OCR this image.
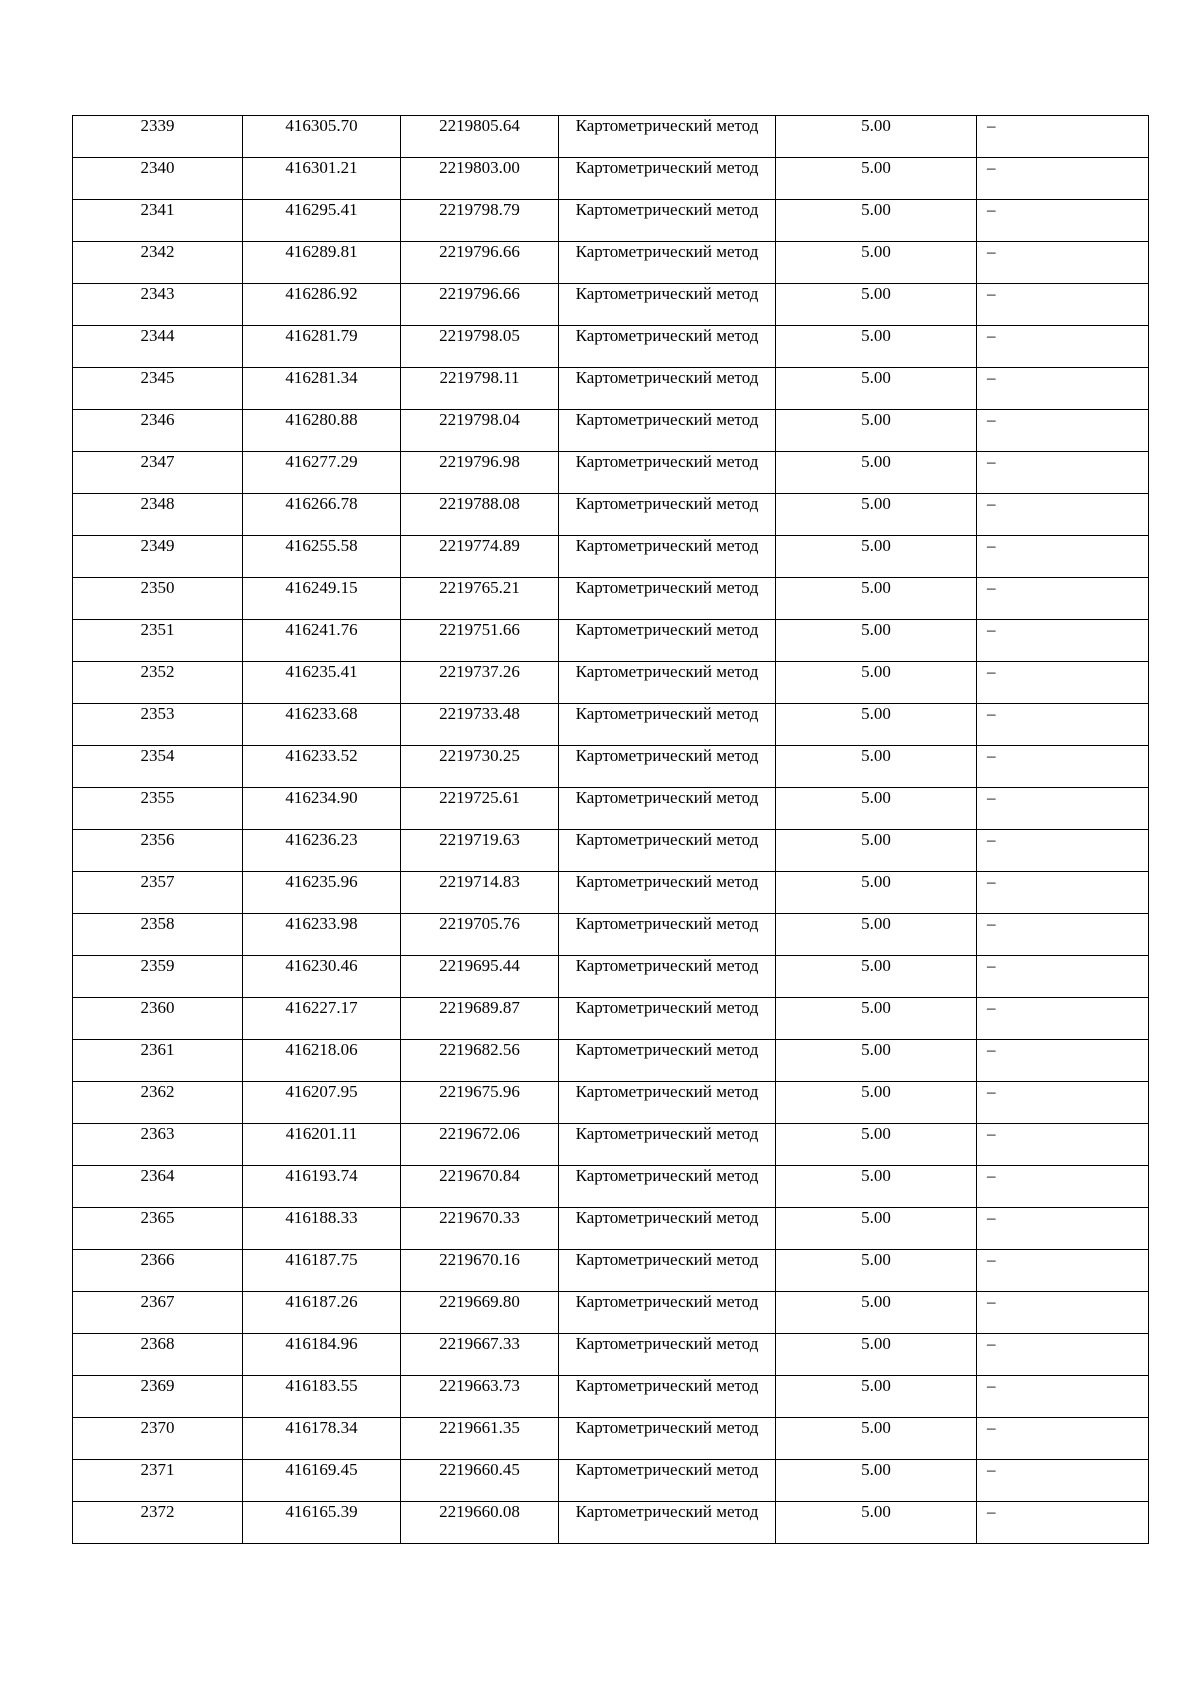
2339	416305.70	2219805.64	Картометрический метод	5.00	–

2340	416301.21	2219803.00	Картометрический метод	5.00	–

2341	416295.41	2219798.79	Картометрический метод	5.00	–

2342	416289.81	2219796.66	Картометрический метод	5.00	–

2343	416286.92	2219796.66	Картометрический метод	5.00	–

2344	416281.79	2219798.05	Картометрический метод	5.00	–

2345	416281.34	2219798.11	Картометрический метод	5.00	–

2346	416280.88	2219798.04	Картометрический метод	5.00	–

2347	416277.29	2219796.98	Картометрический метод	5.00	–

2348	416266.78	2219788.08	Картометрический метод	5.00	–

2349	416255.58	2219774.89	Картометрический метод	5.00	–

2350	416249.15	2219765.21	Картометрический метод	5.00	–

2351	416241.76	2219751.66	Картометрический метод	5.00	–

2352	416235.41	2219737.26	Картометрический метод	5.00	–

2353	416233.68	2219733.48	Картометрический метод	5.00	–

2354	416233.52	2219730.25	Картометрический метод	5.00	–

2355	416234.90	2219725.61	Картометрический метод	5.00	–

2356	416236.23	2219719.63	Картометрический метод	5.00	–

2357	416235.96	2219714.83	Картометрический метод	5.00	–

2358	416233.98	2219705.76	Картометрический метод	5.00	–

2359	416230.46	2219695.44	Картометрический метод	5.00	–

2360	416227.17	2219689.87	Картометрический метод	5.00	–

2361	416218.06	2219682.56	Картометрический метод	5.00	–

2362	416207.95	2219675.96	Картометрический метод	5.00	–

2363	416201.11	2219672.06	Картометрический метод	5.00	–

2364	416193.74	2219670.84	Картометрический метод	5.00	–

2365	416188.33	2219670.33	Картометрический метод	5.00	–

2366	416187.75	2219670.16	Картометрический метод	5.00	–

2367	416187.26	2219669.80	Картометрический метод	5.00	–

2368	416184.96	2219667.33	Картометрический метод	5.00	–

2369	416183.55	2219663.73	Картометрический метод	5.00	–

2370	416178.34	2219661.35	Картометрический метод	5.00	–

2371	416169.45	2219660.45	Картометрический метод	5.00	–

2372	416165.39	2219660.08	Картометрический метод	5.00	–
